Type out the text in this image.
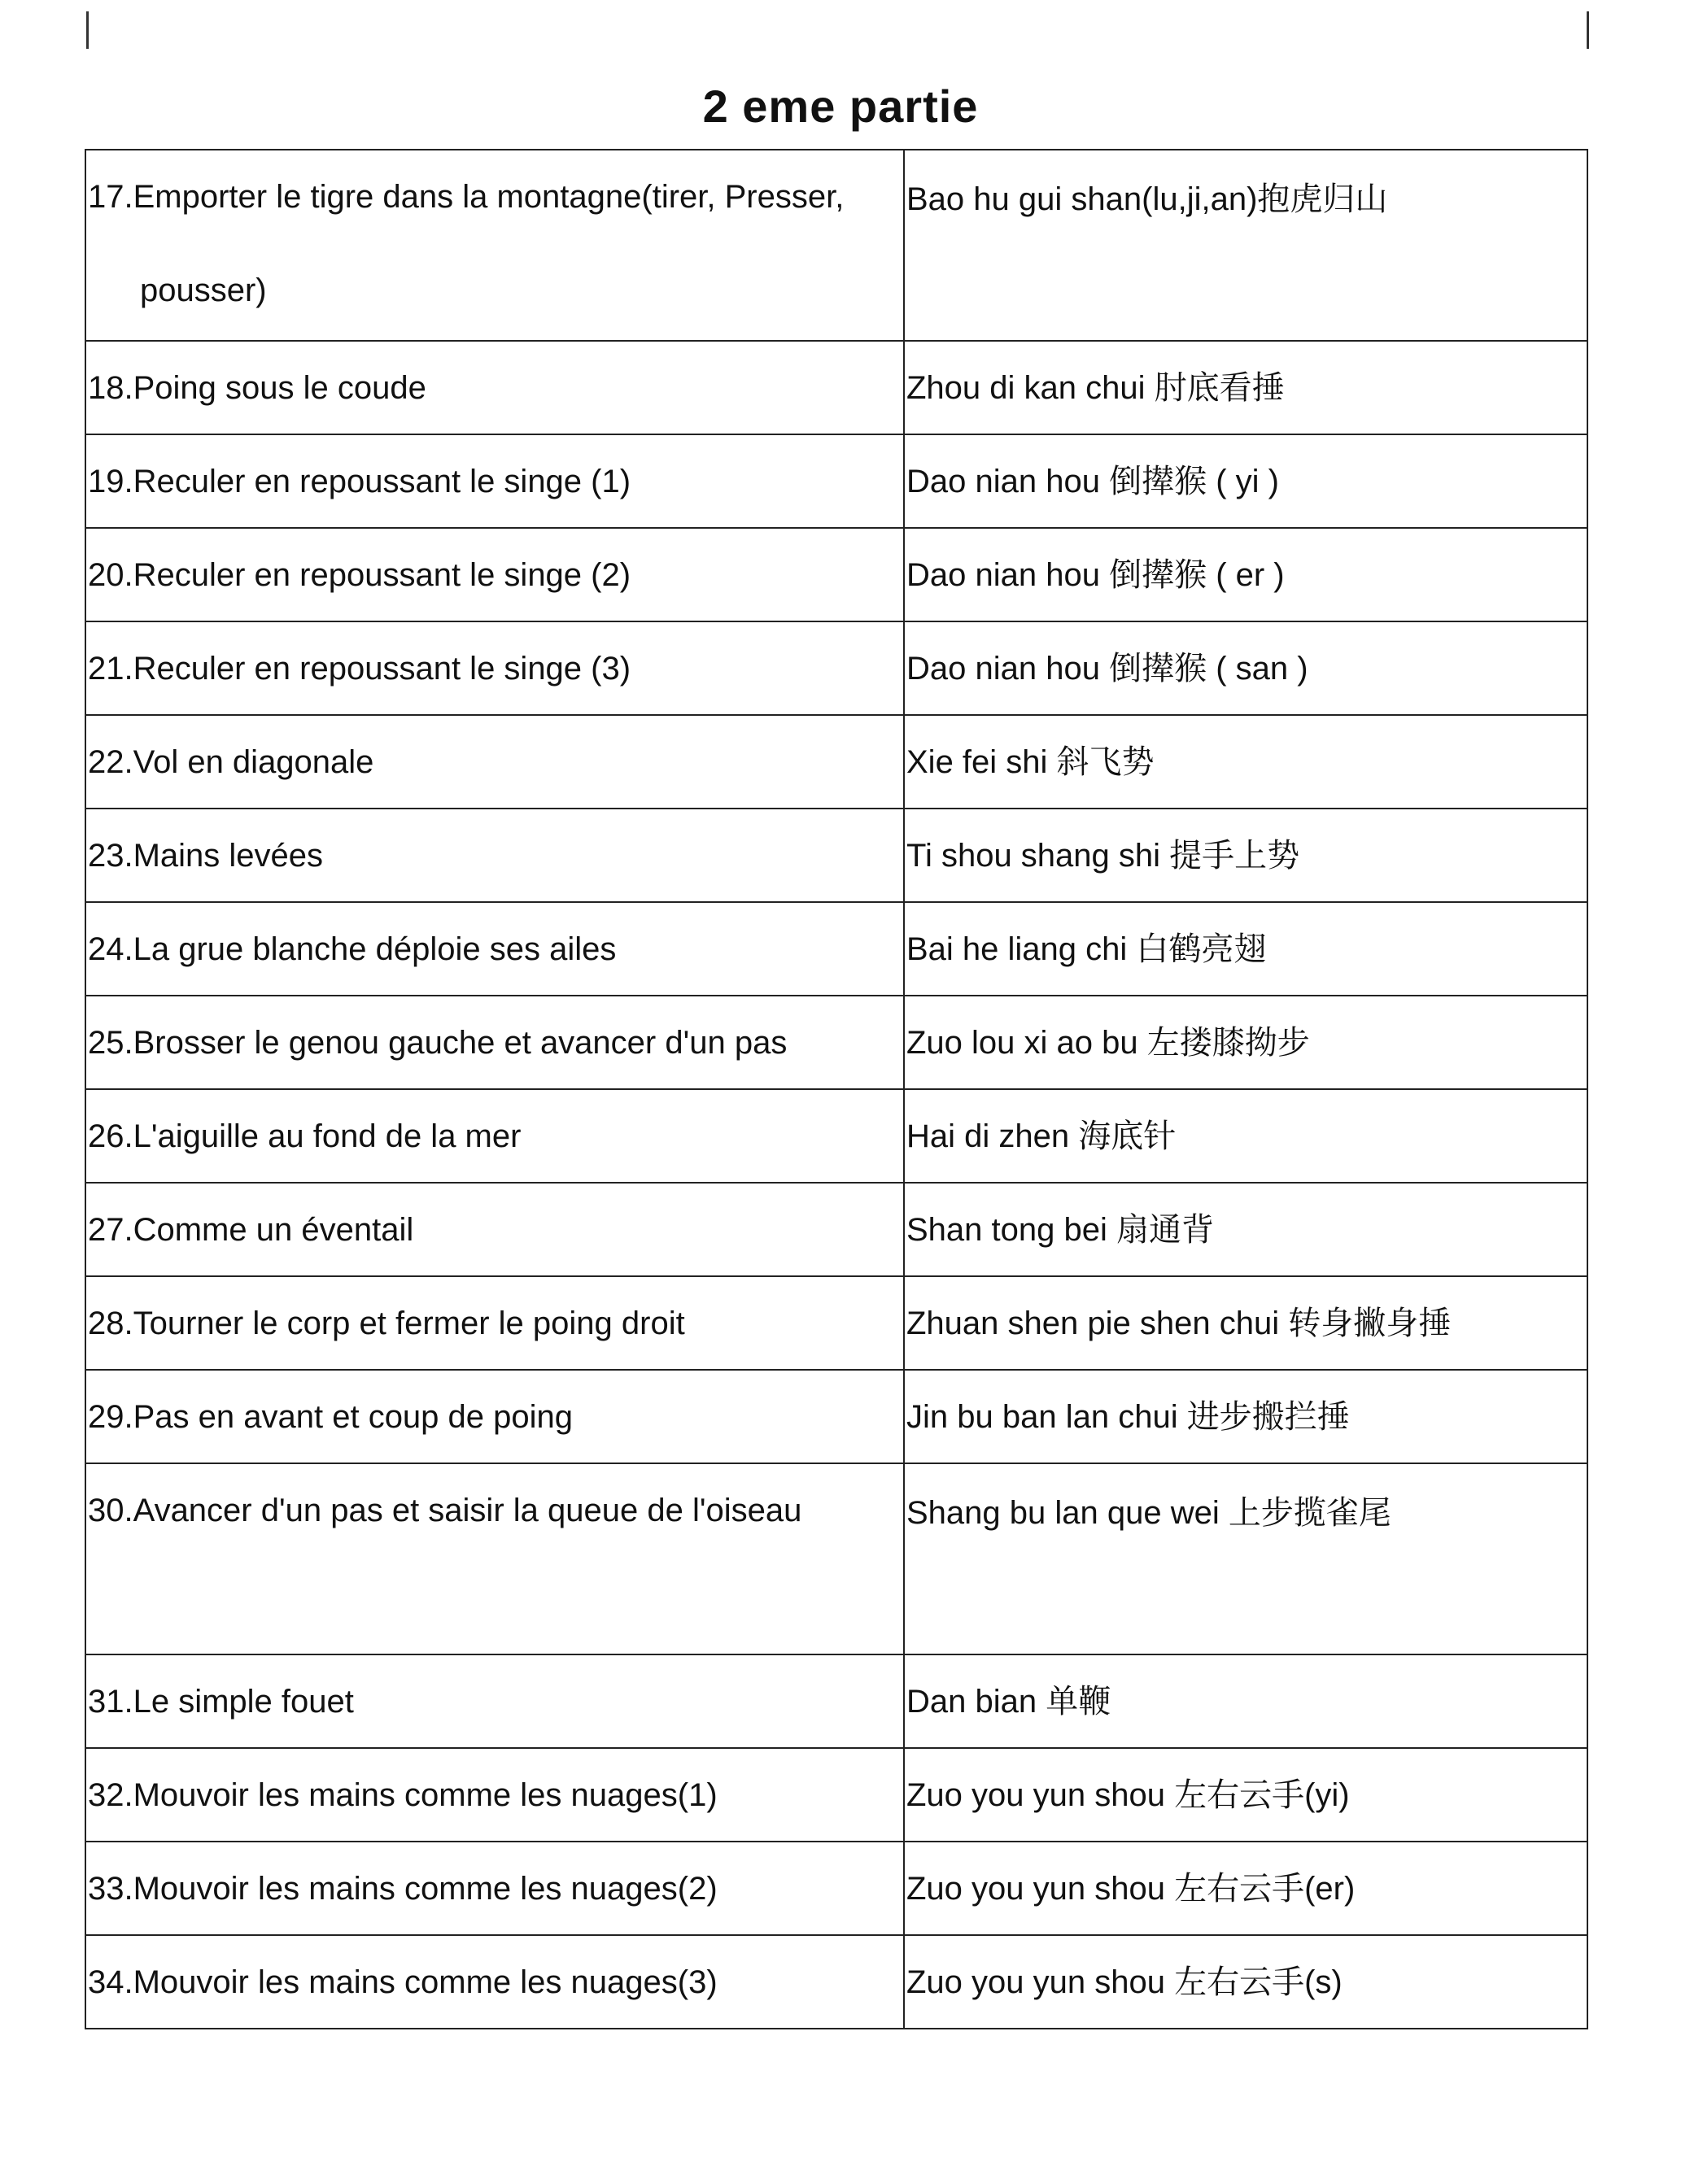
2 eme partie
17.Emporter le tigre dans la montagne(tirer, Presser, pousser)	Bao hu gui shan(lu,ji,an)抱虎归山
18.Poing sous le coude	Zhou di kan chui 肘底看捶
19.Reculer en repoussant le singe (1)	Dao nian hou 倒撵猴 ( yi )
20.Reculer en repoussant le singe (2)	Dao nian hou 倒撵猴 ( er )
21.Reculer en repoussant le singe (3)	Dao nian hou 倒撵猴 ( san )
22.Vol en diagonale	Xie fei shi 斜飞势
23.Mains levées	Ti shou shang shi 提手上势
24.La grue blanche déploie ses ailes	Bai he liang chi 白鹤亮翅
25.Brosser le genou gauche et avancer d'un pas	Zuo lou xi ao bu 左搂膝拗步
26.L'aiguille au fond de la mer	Hai di zhen 海底针
27.Comme un éventail	Shan tong bei 扇通背
28.Tourner le corp et fermer le poing droit	Zhuan shen pie shen chui 转身撇身捶
29.Pas en avant et coup de poing	Jin bu ban lan chui 进步搬拦捶

30.Avancer d'un pas et saisir la queue de l'oiseau	Shang bu lan que wei 上步揽雀尾
31.Le simple fouet	Dan bian 单鞭
32.Mouvoir les mains comme les nuages(1)	Zuo you yun shou 左右云手(yi)
33.Mouvoir les mains comme les nuages(2)	Zuo you yun shou 左右云手(er)
34.Mouvoir les mains comme les nuages(3)	Zuo you yun shou 左右云手(s)
